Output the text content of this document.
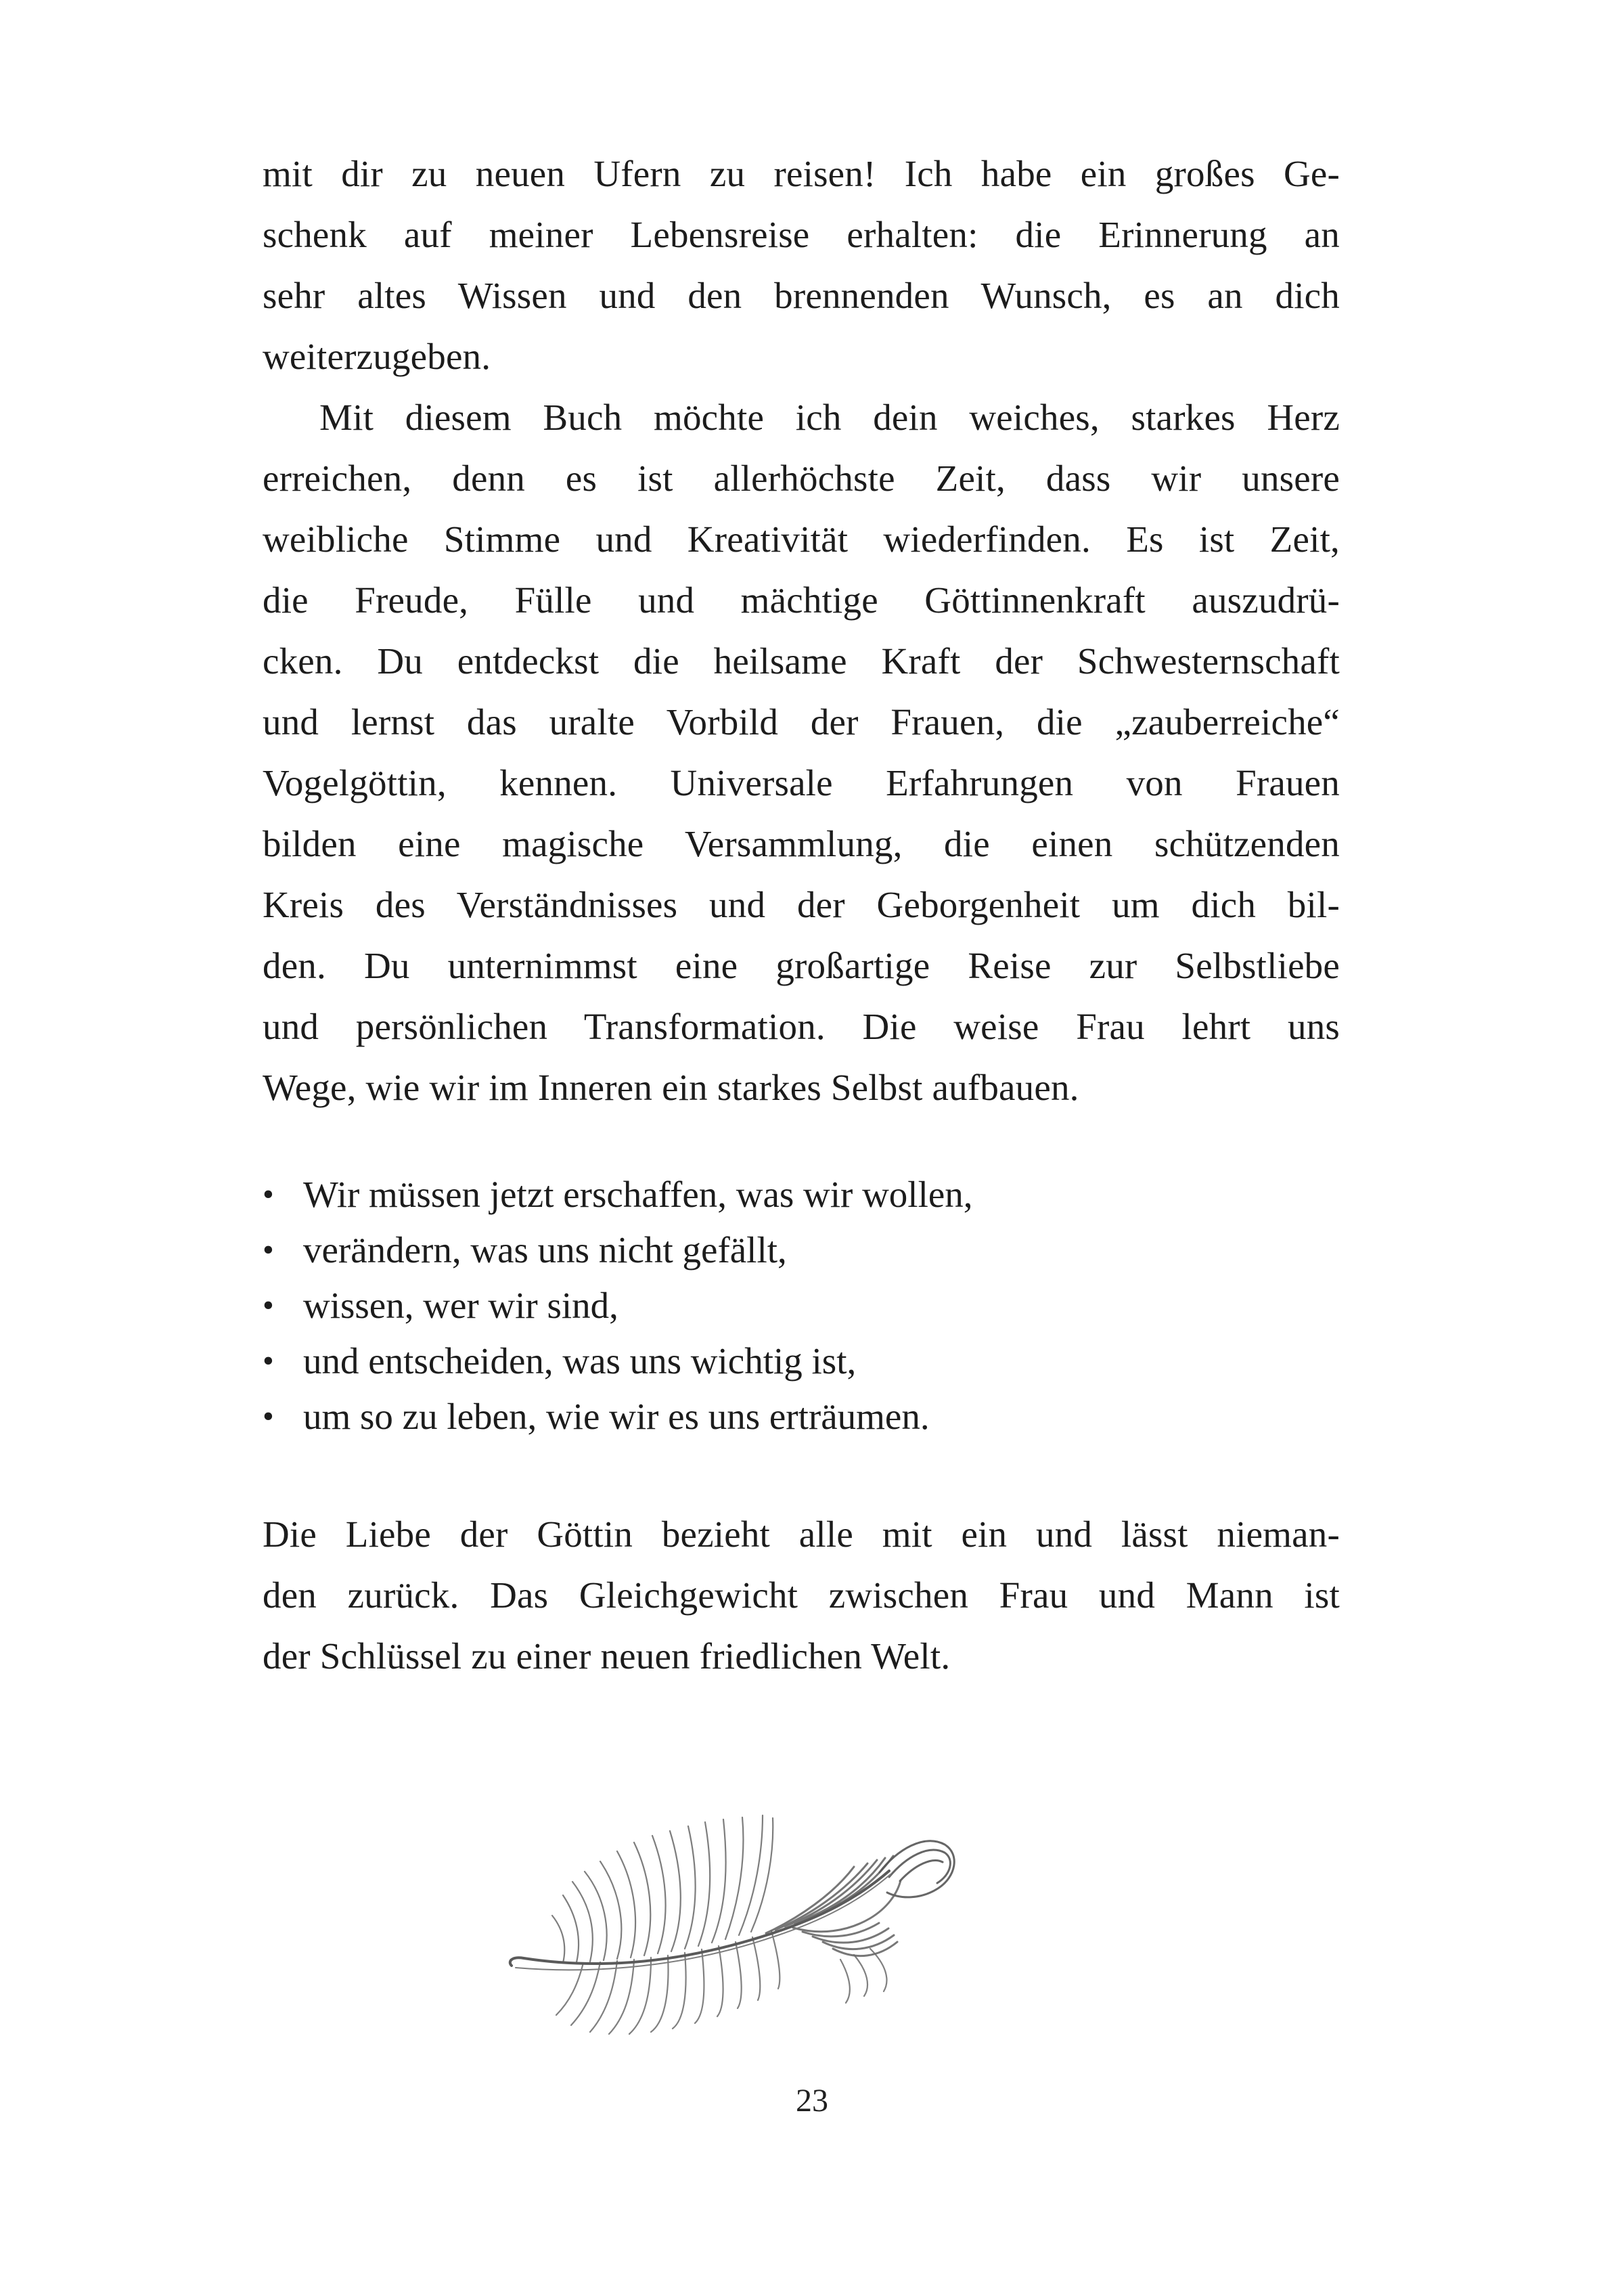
mit dir zu neuen Ufern zu reisen! Ich habe ein großes Ge-
schenk auf meiner Lebensreise erhalten: die Erinnerung an
sehr altes Wissen und den brennenden Wunsch, es an dich
weiterzugeben.

Mit diesem Buch möchte ich dein weiches, starkes Herz
erreichen, denn es ist allerhöchste Zeit, dass wir unsere
weibliche Stimme und Kreativität wiederfinden. Es ist Zeit,
die Freude, Fülle und mächtige Göttinnenkraft auszudrü-
cken. Du entdeckst die heilsame Kraft der Schwesternschaft
und lernst das uralte Vorbild der Frauen, die „zauberreiche“
Vogelgöttin, kennen. Universale Erfahrungen von Frauen
bilden eine magische Versammlung, die einen schützenden
Kreis des Verständnisses und der Geborgenheit um dich bil-
den. Du unternimmst eine großartige Reise zur Selbstliebe
und persönlichen Transformation. Die weise Frau lehrt uns
Wege, wie wir im Inneren ein starkes Selbst aufbauen.

• Wir müssen jetzt erschaffen, was wir wollen,
• verändern, was uns nicht gefällt,
• wissen, wer wir sind,
• und entscheiden, was uns wichtig ist,
• um so zu leben, wie wir es uns erträumen.

Die Liebe der Göttin bezieht alle mit ein und lässt nieman-
den zurück. Das Gleichgewicht zwischen Frau und Mann ist
der Schlüssel zu einer neuen friedlichen Welt.

23
